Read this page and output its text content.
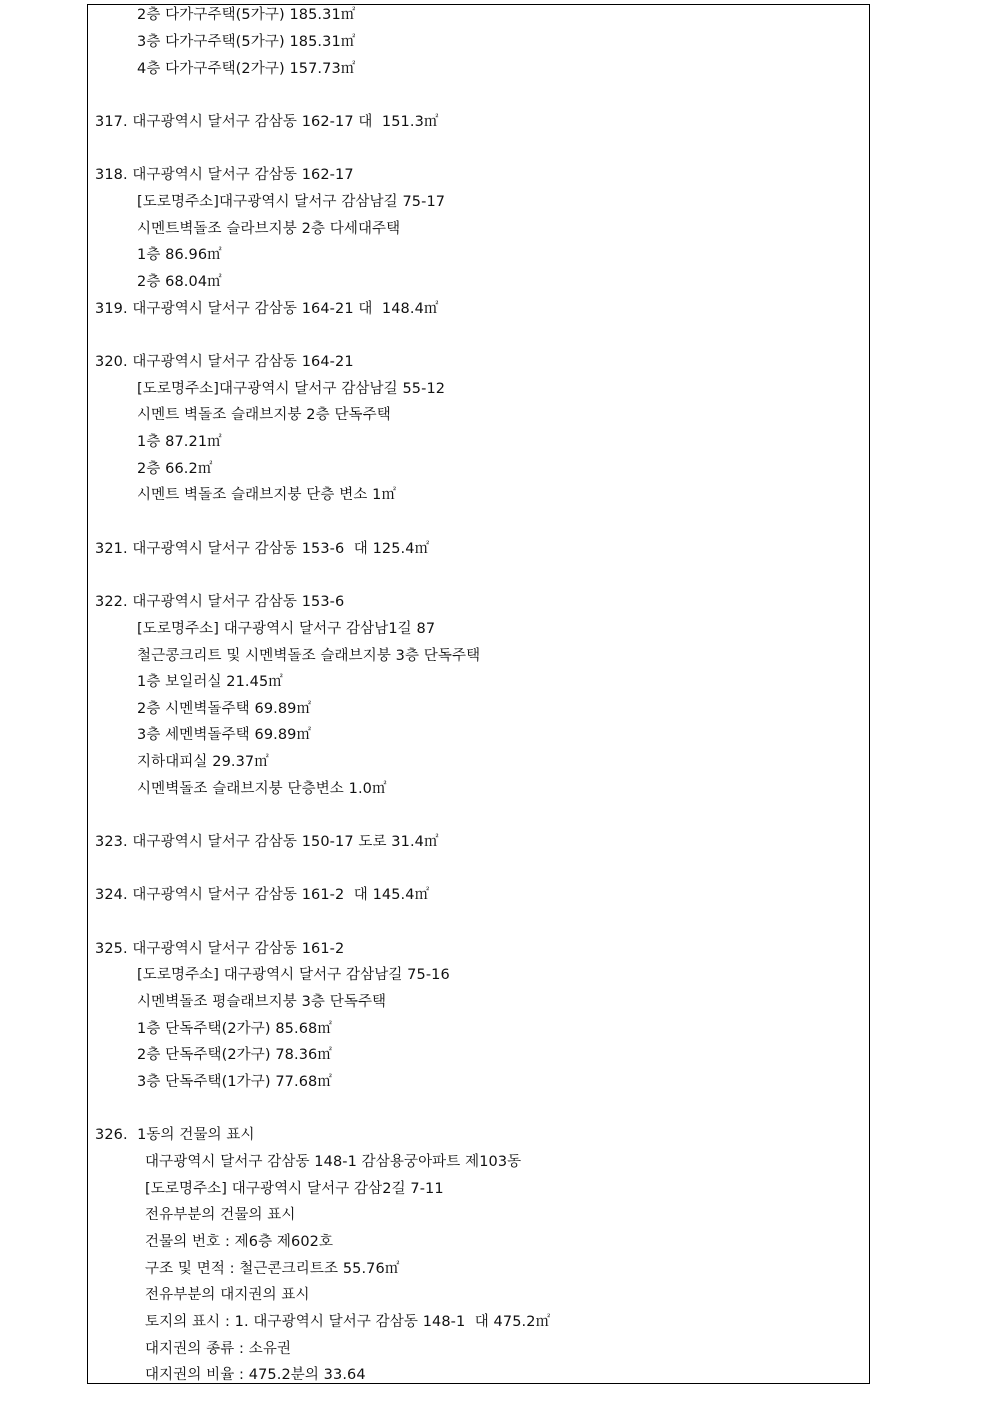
2층 다가구주택(5가구) 185.31㎡
3층 다가구주택(5가구) 185.31㎡
4층 다가구주택(2가구) 157.73㎡
317. 대구광역시 달서구 감삼동 162-17 대  151.3㎡
318. 대구광역시 달서구 감삼동 162-17
[도로명주소]대구광역시 달서구 감삼남길 75-17
시멘트벽돌조 슬라브지붕 2층 다세대주택
1층 86.96㎡
2층 68.04㎡
319. 대구광역시 달서구 감삼동 164-21 대  148.4㎡
320. 대구광역시 달서구 감삼동 164-21
[도로명주소]대구광역시 달서구 감삼남길 55-12
시멘트 벽돌조 슬래브지붕 2층 단독주택
1층 87.21㎡
2층 66.2㎡
시멘트 벽돌조 슬래브지붕 단층 변소 1㎡
321. 대구광역시 달서구 감삼동 153-6  대 125.4㎡
322. 대구광역시 달서구 감삼동 153-6
[도로명주소] 대구광역시 달서구 감삼남1길 87
철근콩크리트 및 시멘벽돌조 슬래브지붕 3층 단독주택
1층 보일러실 21.45㎡
2층 시멘벽돌주택 69.89㎡
3층 세멘벽돌주택 69.89㎡
지하대피실 29.37㎡
시멘벽돌조 슬래브지붕 단층변소 1.0㎡
323. 대구광역시 달서구 감삼동 150-17 도로 31.4㎡
324. 대구광역시 달서구 감삼동 161-2  대 145.4㎡
325. 대구광역시 달서구 감삼동 161-2
[도로명주소] 대구광역시 달서구 감삼남길 75-16
시멘벽돌조 평슬래브지붕 3층 단독주택
1층 단독주택(2가구) 85.68㎡
2층 단독주택(2가구) 78.36㎡
3층 단독주택(1가구) 77.68㎡
326.  1동의 건물의 표시
대구광역시 달서구 감삼동 148-1 감삼용궁아파트 제103동
[도로명주소] 대구광역시 달서구 감삼2길 7-11
전유부분의 건물의 표시
건물의 번호 : 제6층 제602호
구조 및 면적 : 철근콘크리트조 55.76㎡
전유부분의 대지권의 표시
토지의 표시 : 1. 대구광역시 달서구 감삼동 148-1  대 475.2㎡
대지권의 종류 : 소유권
대지권의 비율 : 475.2분의 33.64
